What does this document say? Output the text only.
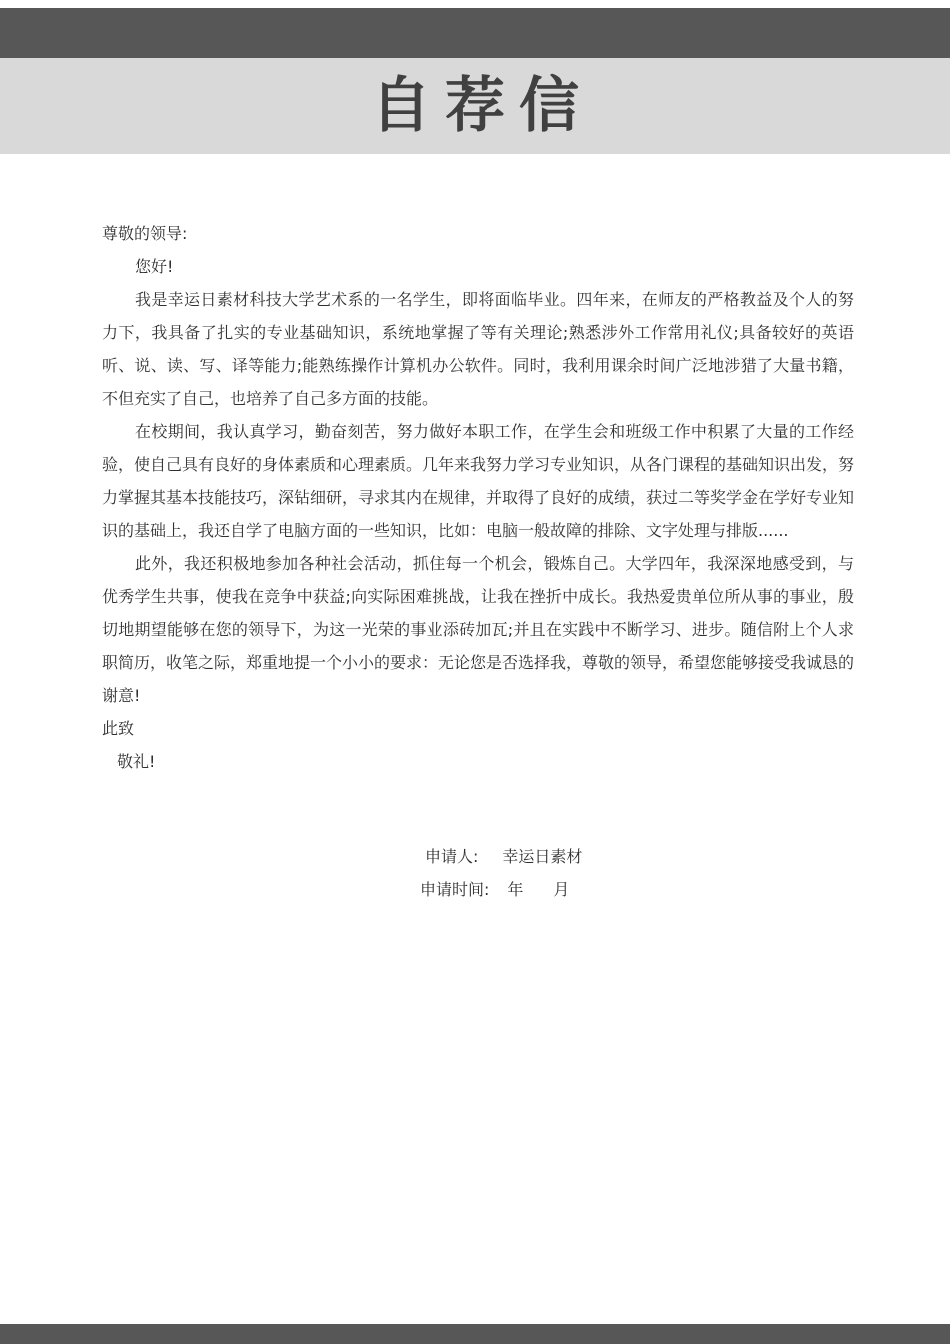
自荐信

尊敬的领导:

您好!

我是幸运日素材科技大学艺术系的一名学生，即将面临毕业。四年来，在师友的严格教益及个人的努力下，我具备了扎实的专业基础知识，系统地掌握了等有关理论;熟悉涉外工作常用礼仪;具备较好的英语听、说、读、写、译等能力;能熟练操作计算机办公软件。同时，我利用课余时间广泛地涉猎了大量书籍，不但充实了自己，也培养了自己多方面的技能。

在校期间，我认真学习，勤奋刻苦，努力做好本职工作，在学生会和班级工作中积累了大量的工作经验，使自己具有良好的身体素质和心理素质。几年来我努力学习专业知识，从各门课程的基础知识出发，努力掌握其基本技能技巧，深钻细研，寻求其内在规律，并取得了良好的成绩，获过二等奖学金在学好专业知识的基础上，我还自学了电脑方面的一些知识，比如：电脑一般故障的排除、文字处理与排版......

此外，我还积极地参加各种社会活动，抓住每一个机会，锻炼自己。大学四年，我深深地感受到，与优秀学生共事，使我在竞争中获益;向实际困难挑战，让我在挫折中成长。我热爱贵单位所从事的事业，殷切地期望能够在您的领导下，为这一光荣的事业添砖加瓦;并且在实践中不断学习、进步。随信附上个人求职简历，收笔之际，郑重地提一个小小的要求：无论您是否选择我，尊敬的领导，希望您能够接受我诚恳的谢意!

此致

敬礼!

申请人:	幸运日素材
申请时间:	年	月
